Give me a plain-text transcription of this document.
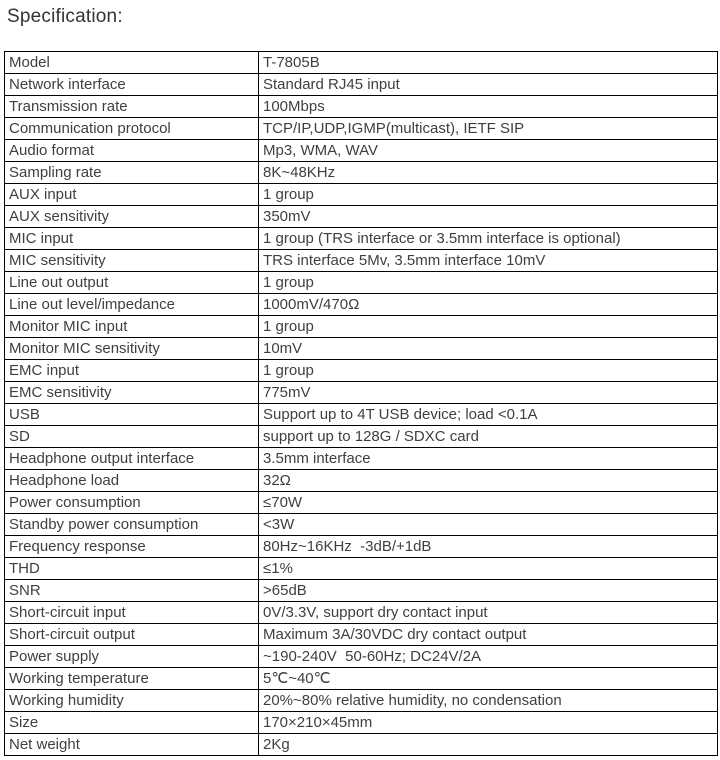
Specification:
Model	T-7805B
Network interface	Standard RJ45 input
Transmission rate	100Mbps
Communication protocol	TCP/IP,UDP,IGMP(multicast), IETF SIP
Audio format	Mp3, WMA, WAV
Sampling rate	8K~48KHz
AUX input	1 group
AUX sensitivity	350mV
MIC input	1 group (TRS interface or 3.5mm interface is optional)
MIC sensitivity	TRS interface 5Mv, 3.5mm interface 10mV
Line out output	1 group
Line out level/impedance	1000mV/470Ω
Monitor MIC input	1 group
Monitor MIC sensitivity	10mV
EMC input	1 group
EMC sensitivity	775mV
USB	Support up to 4T USB device; load <0.1A
SD	support up to 128G / SDXC card
Headphone output interface	3.5mm interface
Headphone load	32Ω
Power consumption	≤70W
Standby power consumption	<3W
Frequency response	80Hz~16KHz  -3dB/+1dB
THD	≤1%
SNR	>65dB
Short-circuit input	0V/3.3V, support dry contact input
Short-circuit output	Maximum 3A/30VDC dry contact output
Power supply	~190-240V  50-60Hz; DC24V/2A
Working temperature	5℃~40℃
Working humidity	20%~80% relative humidity, no condensation
Size	170×210×45mm
Net weight	2Kg
